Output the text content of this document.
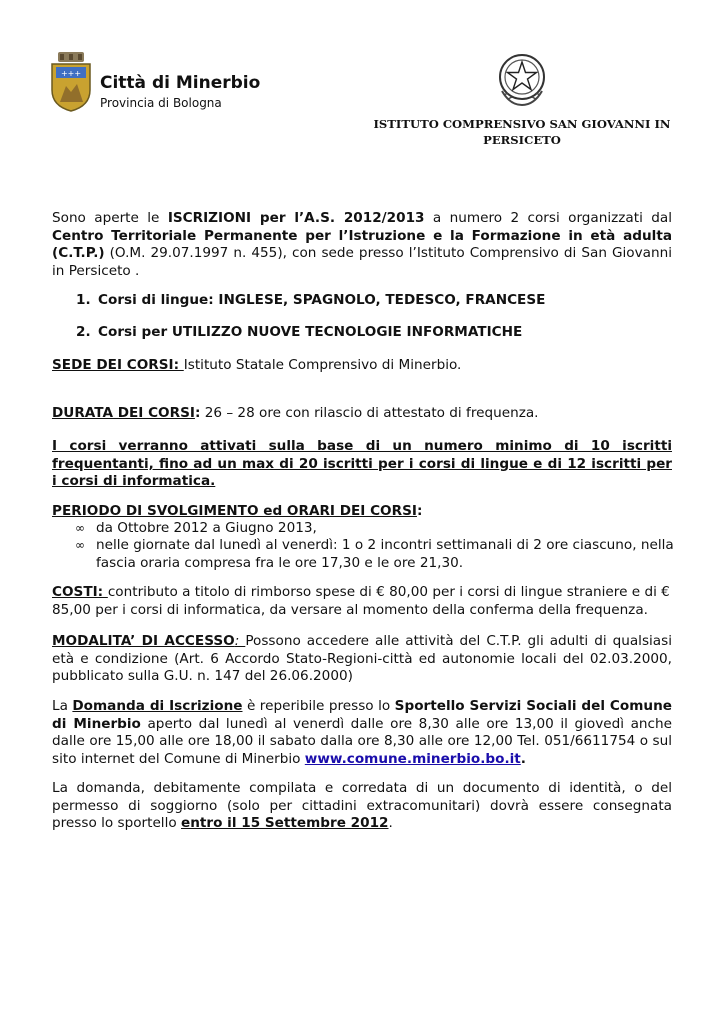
+++ Città di Minerbio
Provincia di Bologna
ISTITUTO COMPRENSIVO SAN GIOVANNI IN
PERSICETO
Sono aperte le ISCRIZIONI per l’A.S. 2012/2013 a numero 2 corsi organizzati dal Centro Territoriale Permanente per l’Istruzione e la Formazione in età adulta (C.T.P.) (O.M. 29.07.1997 n. 455), con sede presso l’Istituto Comprensivo di San Giovanni in Persiceto .
1. Corsi di lingue: INGLESE, SPAGNOLO, TEDESCO, FRANCESE
2. Corsi per UTILIZZO NUOVE TECNOLOGIE INFORMATICHE
SEDE DEI CORSI: Istituto Statale Comprensivo di Minerbio.
DURATA DEI CORSI: 26 – 28 ore con rilascio di attestato di frequenza.
I corsi verranno attivati sulla base di un numero minimo di 10 iscritti frequentanti, fino ad un max di 20 iscritti per i corsi di lingue e di 12 iscritti per i corsi di informatica.
PERIODO DI SVOLGIMENTO ed ORARI DEI CORSI:
∞ da Ottobre 2012 a Giugno 2013,
∞ nelle giornate dal lunedì al venerdì: 1 o 2 incontri settimanali di 2 ore ciascuno, nella fascia oraria compresa fra le ore 17,30 e le ore 21,30.
COSTI: contributo a titolo di rimborso spese di € 80,00 per i corsi di lingue straniere e di € 85,00 per i corsi di informatica, da versare al momento della conferma della frequenza.
MODALITA’ DI ACCESSO: Possono accedere alle attività del C.T.P. gli adulti di qualsiasi età e condizione (Art. 6 Accordo Stato-Regioni-città ed autonomie locali del 02.03.2000, pubblicato sulla G.U. n. 147 del 26.06.2000)
La Domanda di Iscrizione è reperibile presso lo Sportello Servizi Sociali del Comune di Minerbio aperto dal lunedì al venerdì dalle ore 8,30 alle ore 13,00 il giovedì anche dalle ore 15,00 alle ore 18,00 il sabato dalla ore 8,30 alle ore 12,00 Tel. 051/6611754 o sul sito internet del Comune di Minerbio www.comune.minerbio.bo.it.
La domanda, debitamente compilata e corredata di un documento di identità, o del permesso di soggiorno (solo per cittadini extracomunitari) dovrà essere consegnata presso lo sportello entro il 15 Settembre 2012.
